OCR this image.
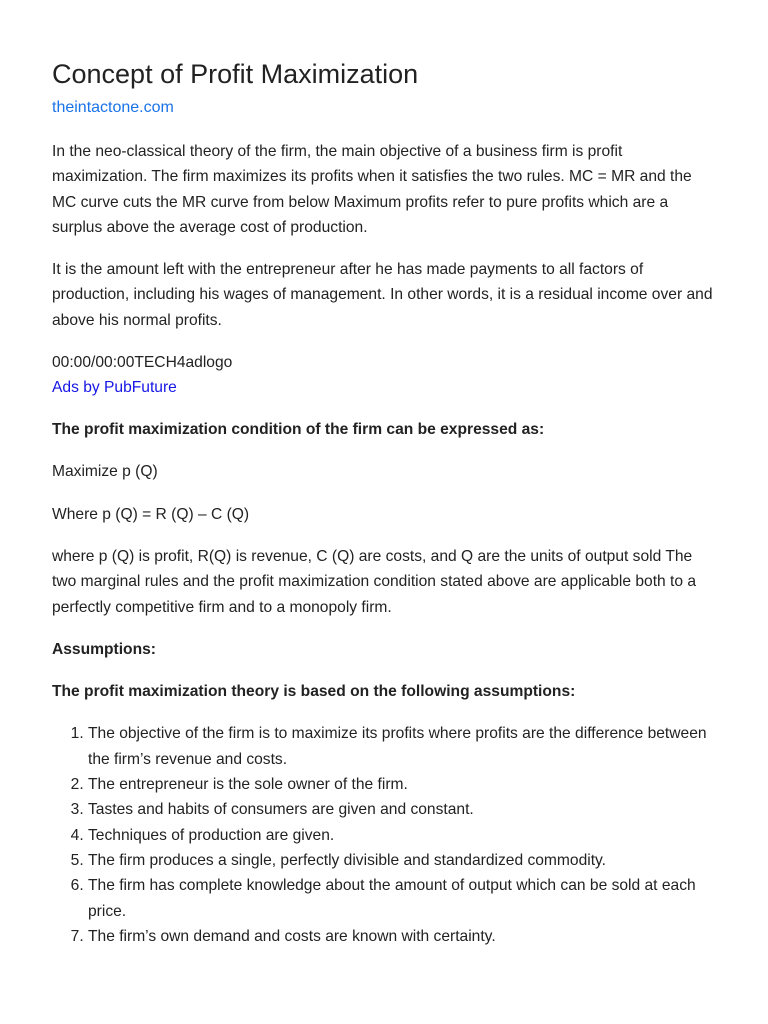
Concept of Profit Maximization
theintactone.com

In the neo-classical theory of the firm, the main objective of a business firm is profit maximization. The firm maximizes its profits when it satisfies the two rules. MC = MR and the MC curve cuts the MR curve from below Maximum profits refer to pure profits which are a surplus above the average cost of production.

It is the amount left with the entrepreneur after he has made payments to all factors of production, including his wages of management. In other words, it is a residual income over and above his normal profits.

00:00/00:00TECH4adlogo
Ads by PubFuture

The profit maximization condition of the firm can be expressed as:

Maximize p (Q)

Where p (Q) = R (Q) – C (Q)

where p (Q) is profit, R(Q) is revenue, C (Q) are costs, and Q are the units of output sold The two marginal rules and the profit maximization condition stated above are applicable both to a perfectly competitive firm and to a monopoly firm.

Assumptions:

The profit maximization theory is based on the following assumptions:

1. The objective of the firm is to maximize its profits where profits are the difference between the firm’s revenue and costs.
2. The entrepreneur is the sole owner of the firm.
3. Tastes and habits of consumers are given and constant.
4. Techniques of production are given.
5. The firm produces a single, perfectly divisible and standardized commodity.
6. The firm has complete knowledge about the amount of output which can be sold at each price.
7. The firm’s own demand and costs are known with certainty.
